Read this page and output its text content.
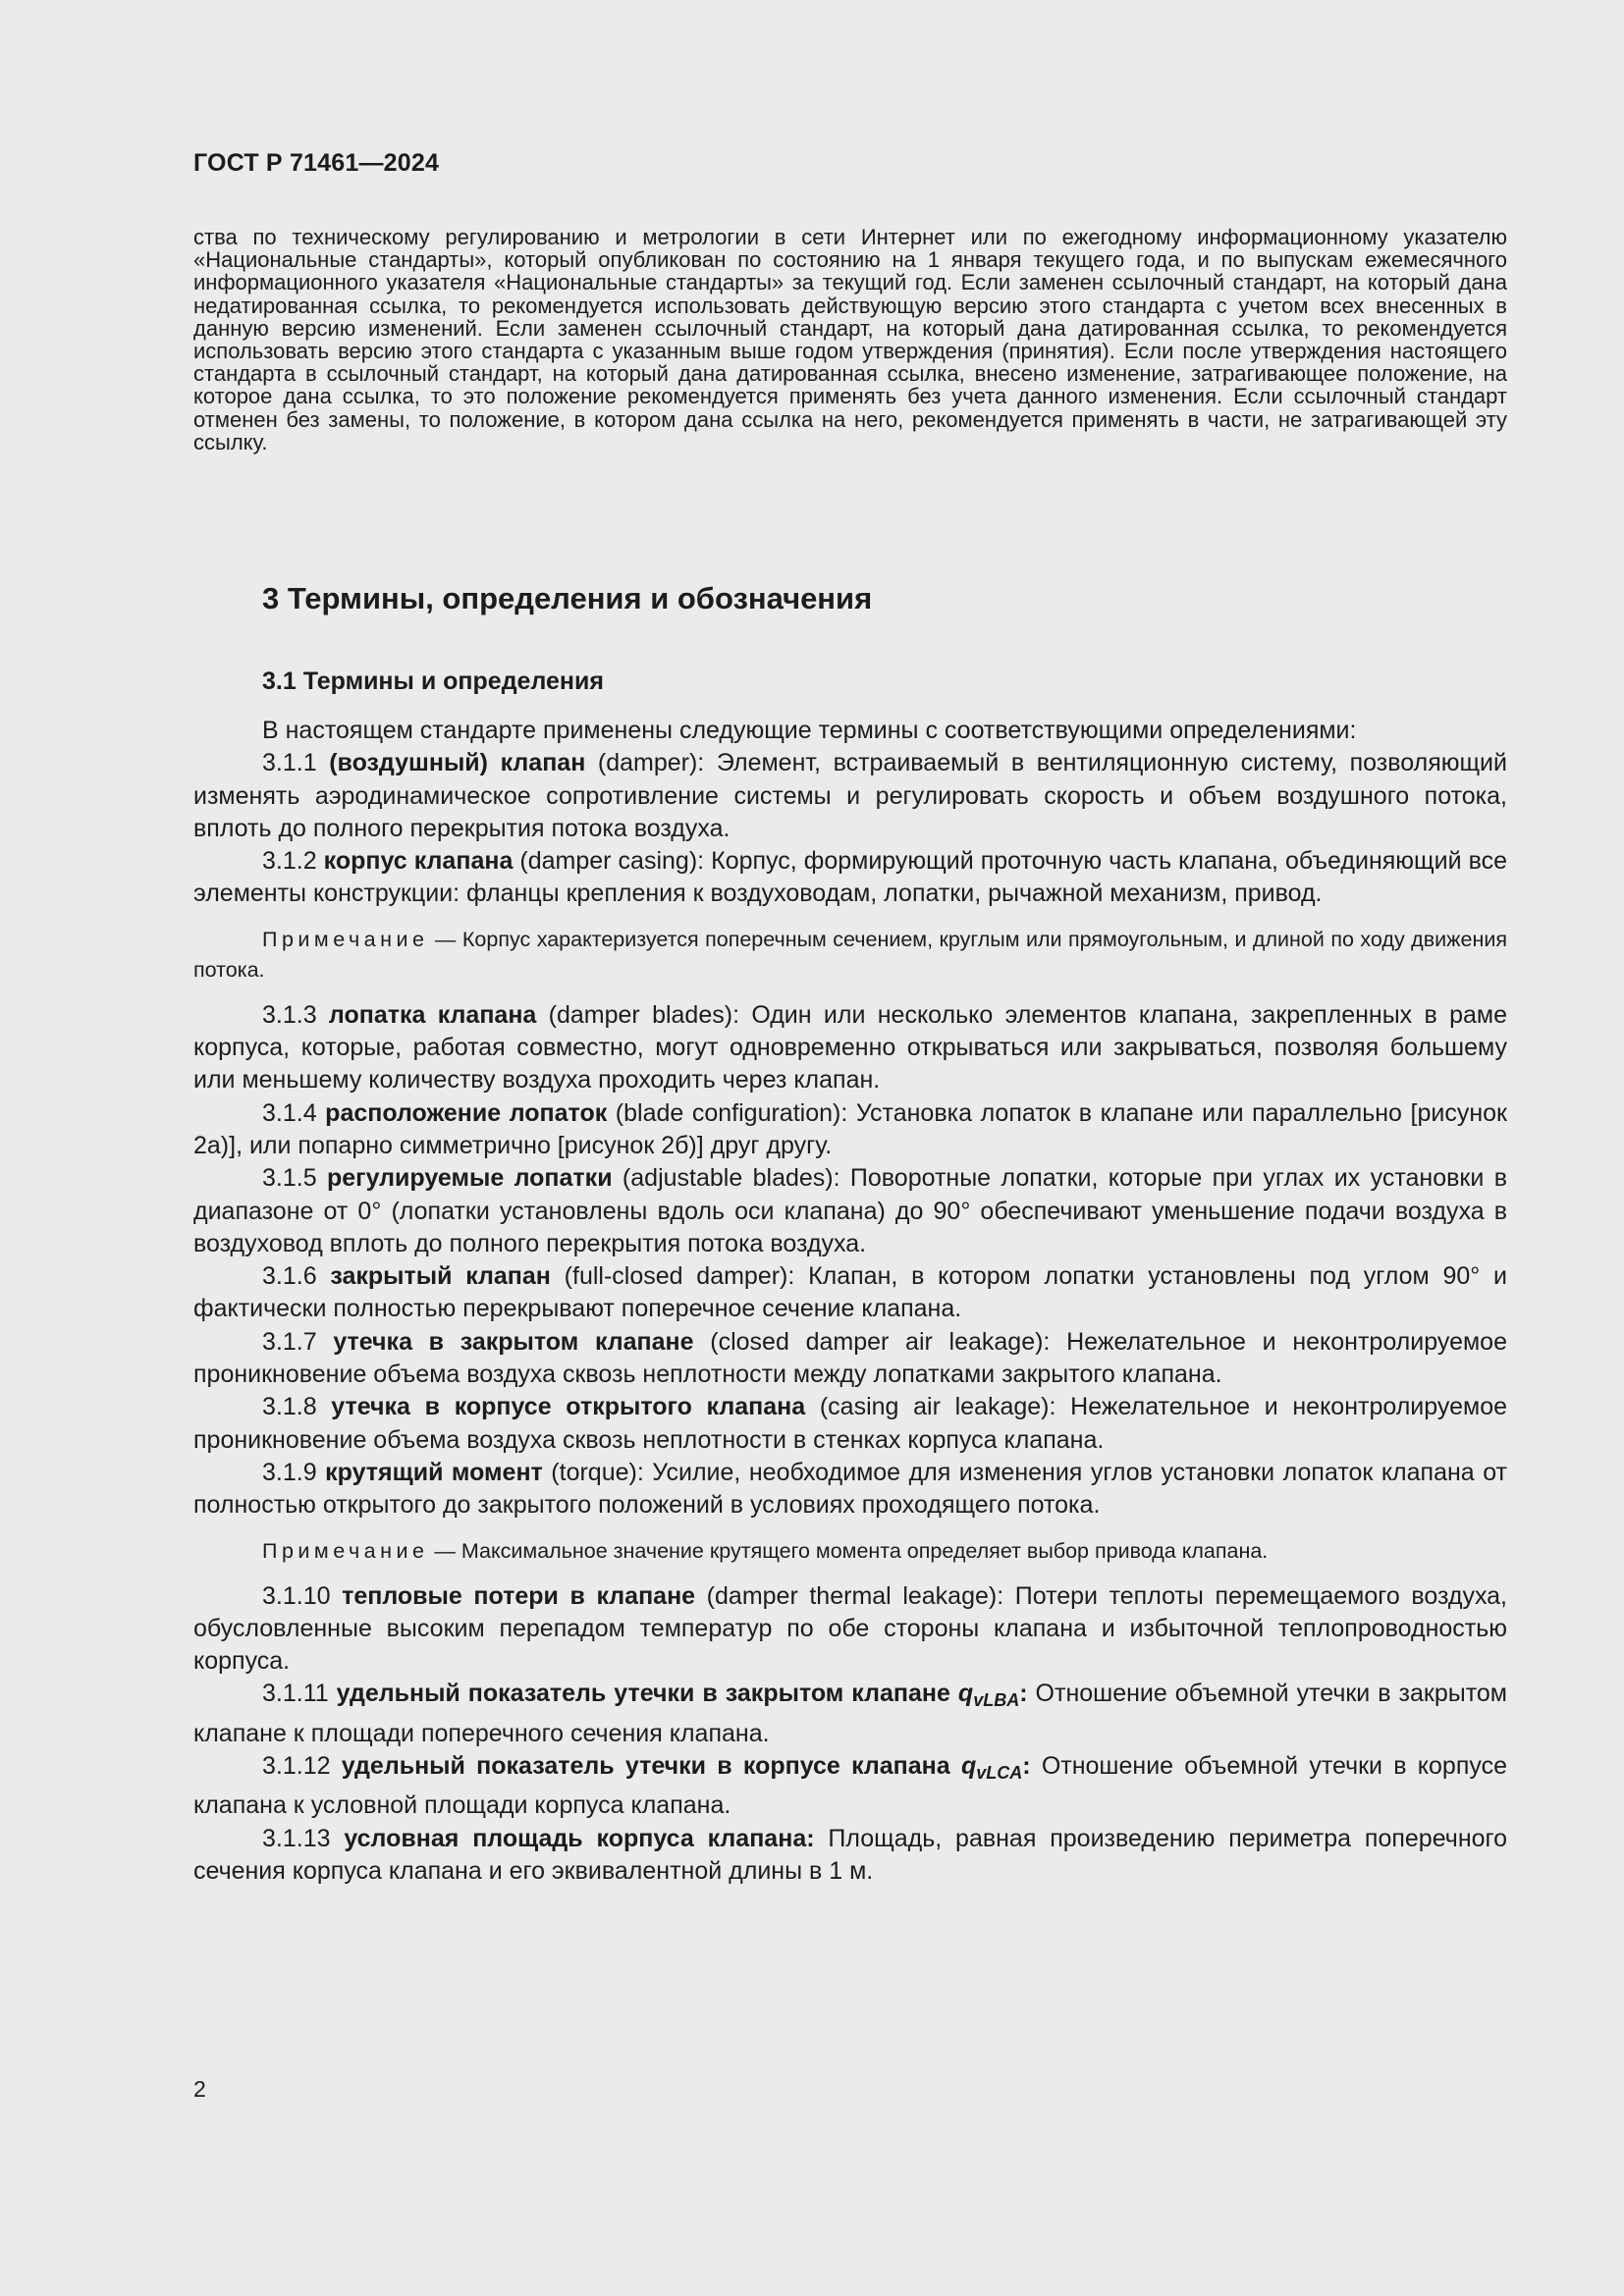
ГОСТ Р 71461—2024
ства по техническому регулированию и метрологии в сети Интернет или по ежегодному информационному указателю «Национальные стандарты», который опубликован по состоянию на 1 января текущего года, и по выпускам ежемесячного информационного указателя «Национальные стандарты» за текущий год. Если заменен ссылочный стандарт, на который дана недатированная ссылка, то рекомендуется использовать действующую версию этого стандарта с учетом всех внесенных в данную версию изменений. Если заменен ссылочный стандарт, на который дана датированная ссылка, то рекомендуется использовать версию этого стандарта с указанным выше годом утверждения (принятия). Если после утверждения настоящего стандарта в ссылочный стандарт, на который дана датированная ссылка, внесено изменение, затрагивающее положение, на которое дана ссылка, то это положение рекомендуется применять без учета данного изменения. Если ссылочный стандарт отменен без замены, то положение, в котором дана ссылка на него, рекомендуется применять в части, не затрагивающей эту ссылку.
3 Термины, определения и обозначения
3.1 Термины и определения

В настоящем стандарте применены следующие термины с соответствующими определениями:

3.1.1 (воздушный) клапан (damper): Элемент, встраиваемый в вентиляционную систему, позволяющий изменять аэродинамическое сопротивление системы и регулировать скорость и объем воздушного потока, вплоть до полного перекрытия потока воздуха.

3.1.2 корпус клапана (damper casing): Корпус, формирующий проточную часть клапана, объединяющий все элементы конструкции: фланцы крепления к воздуховодам, лопатки, рычажной механизм, привод.

Примечание — Корпус характеризуется поперечным сечением, круглым или прямоугольным, и длиной по ходу движения потока.

3.1.3 лопатка клапана (damper blades): Один или несколько элементов клапана, закрепленных в раме корпуса, которые, работая совместно, могут одновременно открываться или закрываться, позволяя большему или меньшему количеству воздуха проходить через клапан.

3.1.4 расположение лопаток (blade configuration): Установка лопаток в клапане или параллельно [рисунок 2а)], или попарно симметрично [рисунок 2б)] друг другу.

3.1.5 регулируемые лопатки (adjustable blades): Поворотные лопатки, которые при углах их установки в диапазоне от 0° (лопатки установлены вдоль оси клапана) до 90° обеспечивают уменьшение подачи воздуха в воздуховод вплоть до полного перекрытия потока воздуха.

3.1.6 закрытый клапан (full-closed damper): Клапан, в котором лопатки установлены под углом 90° и фактически полностью перекрывают поперечное сечение клапана.

3.1.7 утечка в закрытом клапане (closed damper air leakage): Нежелательное и неконтролируемое проникновение объема воздуха сквозь неплотности между лопатками закрытого клапана.

3.1.8 утечка в корпусе открытого клапана (casing air leakage): Нежелательное и неконтролируемое проникновение объема воздуха сквозь неплотности в стенках корпуса клапана.

3.1.9 крутящий момент (torque): Усилие, необходимое для изменения углов установки лопаток клапана от полностью открытого до закрытого положений в условиях проходящего потока.

Примечание — Максимальное значение крутящего момента определяет выбор привода клапана.

3.1.10 тепловые потери в клапане (damper thermal leakage): Потери теплоты перемещаемого воздуха, обусловленные высоким перепадом температур по обе стороны клапана и избыточной теплопроводностью корпуса.

3.1.11 удельный показатель утечки в закрытом клапане $q_{vLBA}$: Отношение объемной утечки в закрытом клапане к площади поперечного сечения клапана.

3.1.12 удельный показатель утечки в корпусе клапана $q_{vLCA}$: Отношение объемной утечки в корпусе клапана к условной площади корпуса клапана.

3.1.13 условная площадь корпуса клапана: Площадь, равная произведению периметра поперечного сечения корпуса клапана и его эквивалентной длины в 1 м.

2
